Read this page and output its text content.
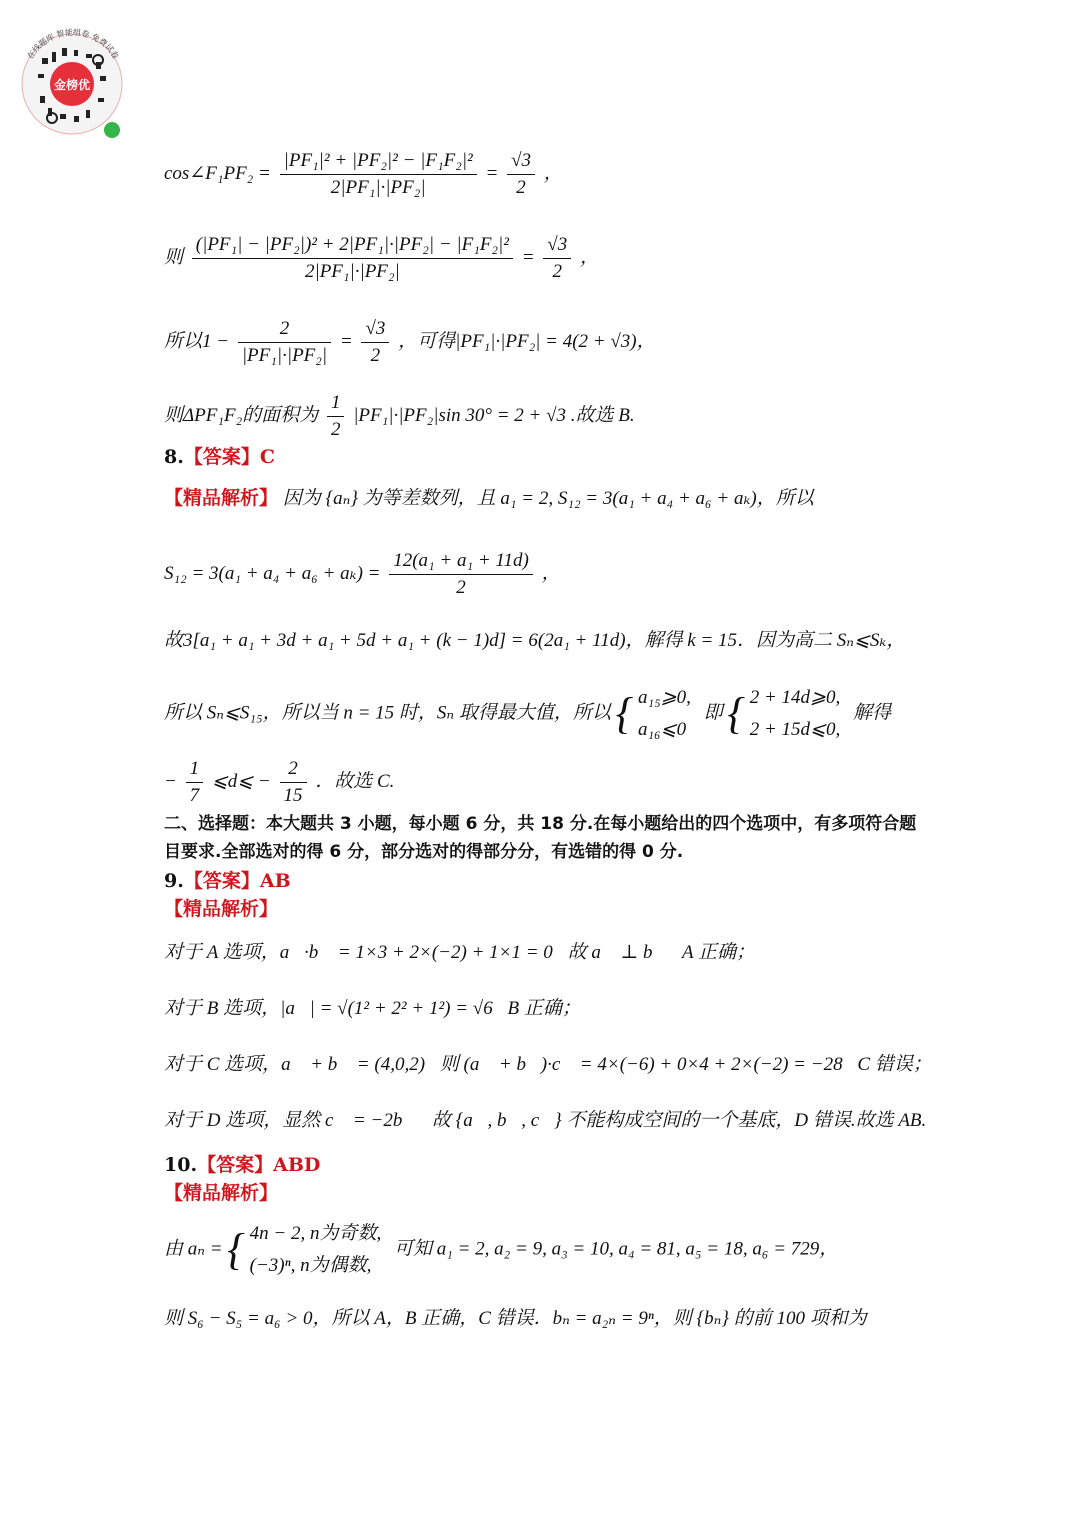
金榜优
在线题库 智能组卷 免费试卷
cos∠F₁PF₂ = $\frac{\text{|PF₁|² + |PF₂|² − |F₁F₂|²}}{\text{2|PF₁|·|PF₂|}} = \frac{√3}{2}$ ，
则 $\frac{\text{(|PF₁| − |PF₂|)² + 2|PF₁|·|PF₂| − |F₁F₂|²}}{\text{2|PF₁|·|PF₂|}} = \frac{√3}{2}$ ，
所以$1 - \frac{2}{\text{|PF₁|·|PF₂|}} = \frac{√3}{2}$ ，可得|PF₁|·|PF₂| = 4(2 + √3)，
则ΔPF₁F₂的面积为 $\frac{1}{2} |PF_1|\cdot|PF_2|\sin$ 30° = 2 + √3 .故选 B.
8.【答案】C
【精品解析】 因为 {aₙ} 为等差数列，且 a₁ = 2, S₁₂ = 3(a₁ + a₄ + a₆ + aₖ)，所以
$S_{12} = 3(a_1 + a_4 + a_6 + a_k) = \frac{\text{12(a₁ + a₁ + 11d)}}{2}$ ，
故3[a₁ + a₁ + 3d + a₁ + 5d + a₁ + (k − 1)d] = 6(2a₁ + 11d)，解得 k = 15．因为高二 Sₙ⩽Sₖ，
所以 Sₙ⩽S₁₅，所以当 n = 15 时，Sₙ 取得最大值，所以 { a₁₅⩾0,
a₁₆⩽0
即 { 2 + 14d⩾0,
2 + 15d⩽0,
解得
− $\frac{1}{7}$ ⩽d⩽ − $\frac{2}{15}$ ．故选 C.
二、选择题：本大题共 3 小题，每小题 6 分，共 18 分.在每小题给出的四个选项中，有多项符合题目要求.全部选对的得 6 分，部分选对的得部分分，有选错的得 0 分.
9.【答案】AB
【精品解析】
对于 A 选项，a⃗·b⃗ = 1×3 + 2×(−2) + 1×1 = 0，故 a⃗ ⊥ b⃗，A 正确；
对于 B 选项，|a⃗| = √(1² + 2² + 1²) = √6，B 正确；
对于 C 选项，a⃗ + b⃗ = (4,0,2)，则 (a⃗ + b⃗)·c⃗ = 4×(−6) + 0×4 + 2×(−2) = −28，C 错误；
对于 D 选项，显然 c⃗ = −2b⃗，故 {a⃗, b⃗, c⃗} 不能构成空间的一个基底，D 错误.故选 AB.
10.【答案】ABD
【精品解析】
由 aₙ = { 4n − 2, n为奇数,
(−3)ⁿ, n为偶数,
可知 a₁ = 2, a₂ = 9, a₃ = 10, a₄ = 81, a₅ = 18, a₆ = 729，
则 S₆ − S₅ = a₆ > 0，所以 A，B 正确，C 错误．bₙ = a₂ₙ = 9ⁿ，则 {bₙ} 的前 100 项和为
